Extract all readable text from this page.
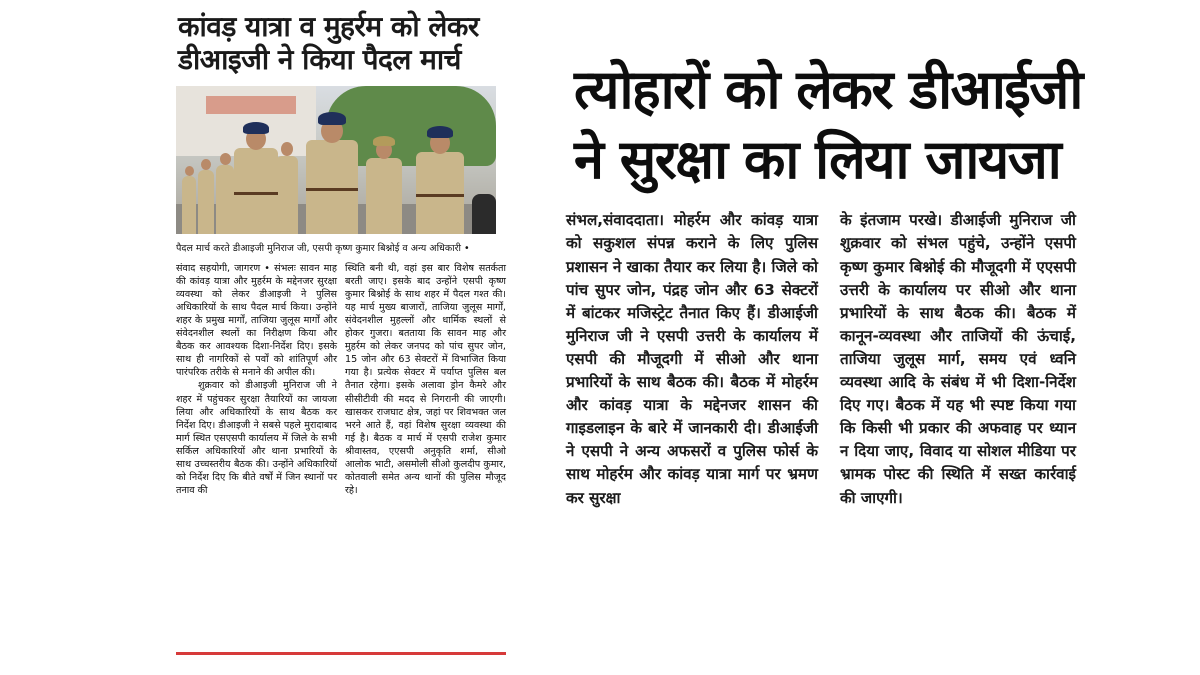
कांवड़ यात्रा व मुहर्रम को लेकर
डीआइजी ने किया पैदल मार्च
पैदल मार्च करते डीआइजी मुनिराज जी, एसपी कृष्ण कुमार बिश्नोई व अन्य अधिकारी •

संवाद सहयोगी, जागरण • संभलः सावन माह की कांवड़ यात्रा और मुहर्रम के मद्देनजर सुरक्षा व्यवस्था को लेकर डीआइजी ने पुलिस अधिकारियों के साथ पैदल मार्च किया। उन्होंने शहर के प्रमुख मार्गों, ताजिया जुलूस मार्गों और संवेदनशील स्थलों का निरीक्षण किया और बैठक कर आवश्यक दिशा-निर्देश दिए। इसके साथ ही नागरिकों से पर्वों को शांतिपूर्ण और पारंपरिक तरीके से मनाने की अपील की।

शुक्रवार को डीआइजी मुनिराज जी ने शहर में पहुंचकर सुरक्षा तैयारियों का जायजा लिया और अधिकारियों के साथ बैठक कर निर्देश दिए। डीआइजी ने सबसे पहले मुरादाबाद मार्ग स्थित एसएसपी कार्यालय में जिले के सभी सर्किल अधिकारियों और थाना प्रभारियों के साथ उच्चस्तरीय बैठक की। उन्होंने अधिकारियों को निर्देश दिए कि बीते वर्षों में जिन स्थानों पर तनाव की

स्थिति बनी थी, वहां इस बार विशेष सतर्कता बरती जाए। इसके बाद उन्होंने एसपी कृष्ण कुमार बिश्नोई के साथ शहर में पैदल गश्त की। यह मार्च मुख्य बाजारों, ताजिया जुलूस मार्गों, संवेदनशील मुहल्लों और धार्मिक स्थलों से होकर गुजरा। बतताया कि सावन माह और मुहर्रम को लेकर जनपद को पांच सुपर जोन, 15 जोन और 63 सेक्टरों में विभाजित किया गया है। प्रत्येक सेक्टर में पर्याप्त पुलिस बल तैनात रहेगा। इसके अलावा ड्रोन कैमरे और सीसीटीवी की मदद से निगरानी की जाएगी। खासकर राजघाट क्षेत्र, जहां पर शिवभक्त जल भरने आते हैं, वहां विशेष सुरक्षा व्यवस्था की गई है। बैठक व मार्च में एसपी राजेश कुमार श्रीवास्तव, एएसपी अनुकृति शर्मा, सीओ आलोक भाटी, असमोली सीओ कुलदीप कुमार, कोतवाली समेत अन्य थानों की पुलिस मौजूद रहे।

त्योहारों को लेकर डीआईजी
ने सुरक्षा का लिया जायजा

संभल,संवाददाता। मोहर्रम और कांवड़ यात्रा को सकुशल संपन्न कराने के लिए पुलिस प्रशासन ने खाका तैयार कर लिया है। जिले को पांच सुपर जोन, पंद्रह जोन और 63 सेक्टरों में बांटकर मजिस्ट्रेट तैनात किए हैं। डीआईजी मुनिराज जी ने एसपी उत्तरी के कार्यालय में एसपी की मौजूदगी में सीओ और थाना प्रभारियों के साथ बैठक की। बैठक में मोहर्रम और कांवड़ यात्रा के मद्देनजर शासन की गाइडलाइन के बारे में जानकारी दी। डीआईजी ने एसपी ने अन्य अफसरों व पुलिस फोर्स के साथ मोहर्रम और कांवड़ यात्रा मार्ग पर भ्रमण कर सुरक्षा

के इंतजाम परखे। डीआईजी मुनिराज जी शुक्रवार को संभल पहुंचे, उन्होंने एसपी कृष्ण कुमार बिश्नोई की मौजूदगी में एएसपी उत्तरी के कार्यालय पर सीओ और थाना प्रभारियों के साथ बैठक की। बैठक में कानून-व्यवस्था और ताजियों की ऊंचाई, ताजिया जुलूस मार्ग, समय एवं ध्वनि व्यवस्था आदि के संबंध में भी दिशा-निर्देश दिए गए। बैठक में यह भी स्पष्ट किया गया कि किसी भी प्रकार की अफवाह पर ध्यान न दिया जाए, विवाद या सोशल मीडिया पर भ्रामक पोस्ट की स्थिति में सख्त कार्रवाई की जाएगी।
